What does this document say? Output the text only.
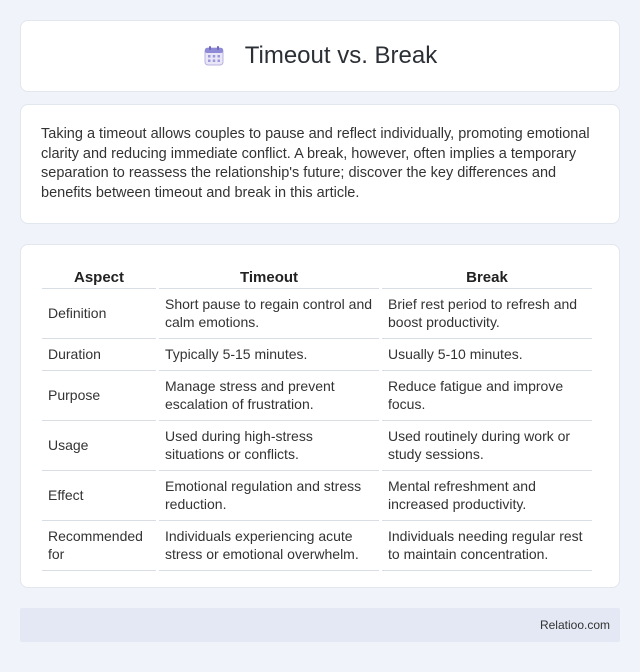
Timeout vs. Break

Taking a timeout allows couples to pause and reflect individually, promoting emotional clarity and reducing immediate conflict. A break, however, often implies a temporary separation to reassess the relationship's future; discover the key differences and benefits between timeout and break in this article.

Aspect	Timeout	Break
Definition	Short pause to regain control and calm emotions.	Brief rest period to refresh and boost productivity.
Duration	Typically 5-15 minutes.	Usually 5-10 minutes.
Purpose	Manage stress and prevent escalation of frustration.	Reduce fatigue and improve focus.
Usage	Used during high-stress situations or conflicts.	Used routinely during work or study sessions.
Effect	Emotional regulation and stress reduction.	Mental refreshment and increased productivity.
Recommended for	Individuals experiencing acute stress or emotional overwhelm.	Individuals needing regular rest to maintain concentration.
Relatioo.com
